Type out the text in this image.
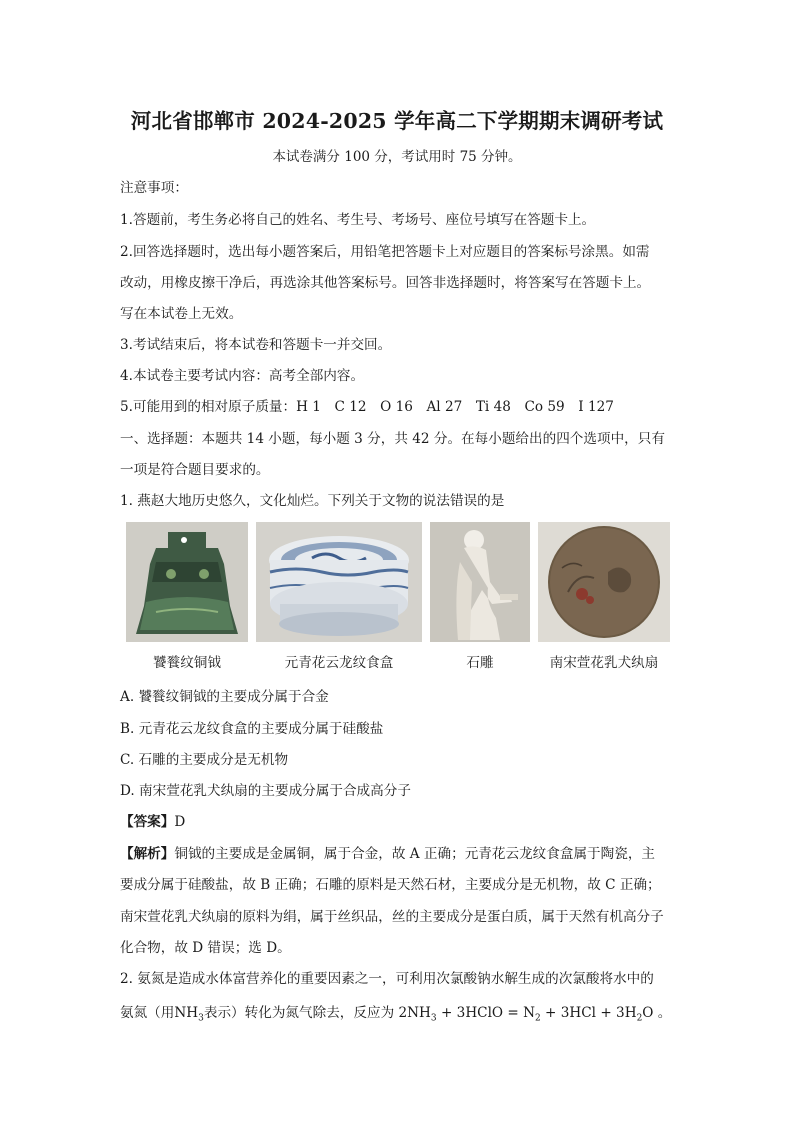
河北省邯郸市 2024-2025 学年高二下学期期末调研考试
本试卷满分 100 分，考试用时 75 分钟。
注意事项：
1.答题前，考生务必将自己的姓名、考生号、考场号、座位号填写在答题卡上。
2.回答选择题时，选出每小题答案后，用铅笔把答题卡上对应题目的答案标号涂黑。如需
改动，用橡皮擦干净后，再选涂其他答案标号。回答非选择题时，将答案写在答题卡上。
写在本试卷上无效。
3.考试结束后，将本试卷和答题卡一并交回。
4.本试卷主要考试内容：高考全部内容。
5.可能用到的相对原子质量：H 1　C 12　O 16　Al 27　Ti 48　Co 59　I 127
一、选择题：本题共 14 小题，每小题 3 分，共 42 分。在每小题给出的四个选项中，只有
一项是符合题目要求的。
1. 燕赵大地历史悠久，文化灿烂。下列关于文物的说法错误的是
饕餮纹铜钺	元青花云龙纹食盒	石雕	南宋萱花乳犬纨扇
A. 饕餮纹铜钺的主要成分属于合金
B. 元青花云龙纹食盒的主要成分属于硅酸盐
C. 石雕的主要成分是无机物
D. 南宋萱花乳犬纨扇的主要成分属于合成高分子
【答案】D
【解析】铜钺的主要成是金属铜，属于合金，故 A 正确；元青花云龙纹食盒属于陶瓷，主
要成分属于硅酸盐，故 B 正确；石雕的原料是天然石材，主要成分是无机物，故 C 正确；
南宋萱花乳犬纨扇的原料为绢，属于丝织品，丝的主要成分是蛋白质，属于天然有机高分子
化合物，故 D 错误；选 D。
2. 氨氮是造成水体富营养化的重要因素之一，可利用次氯酸钠水解生成的次氯酸将水中的
氨氮（用$NH_3$表示）转化为氮气除去，反应为 $2NH_3$ + 3HClO = $N_2 + 3HCl + 3H_2O$ 。
